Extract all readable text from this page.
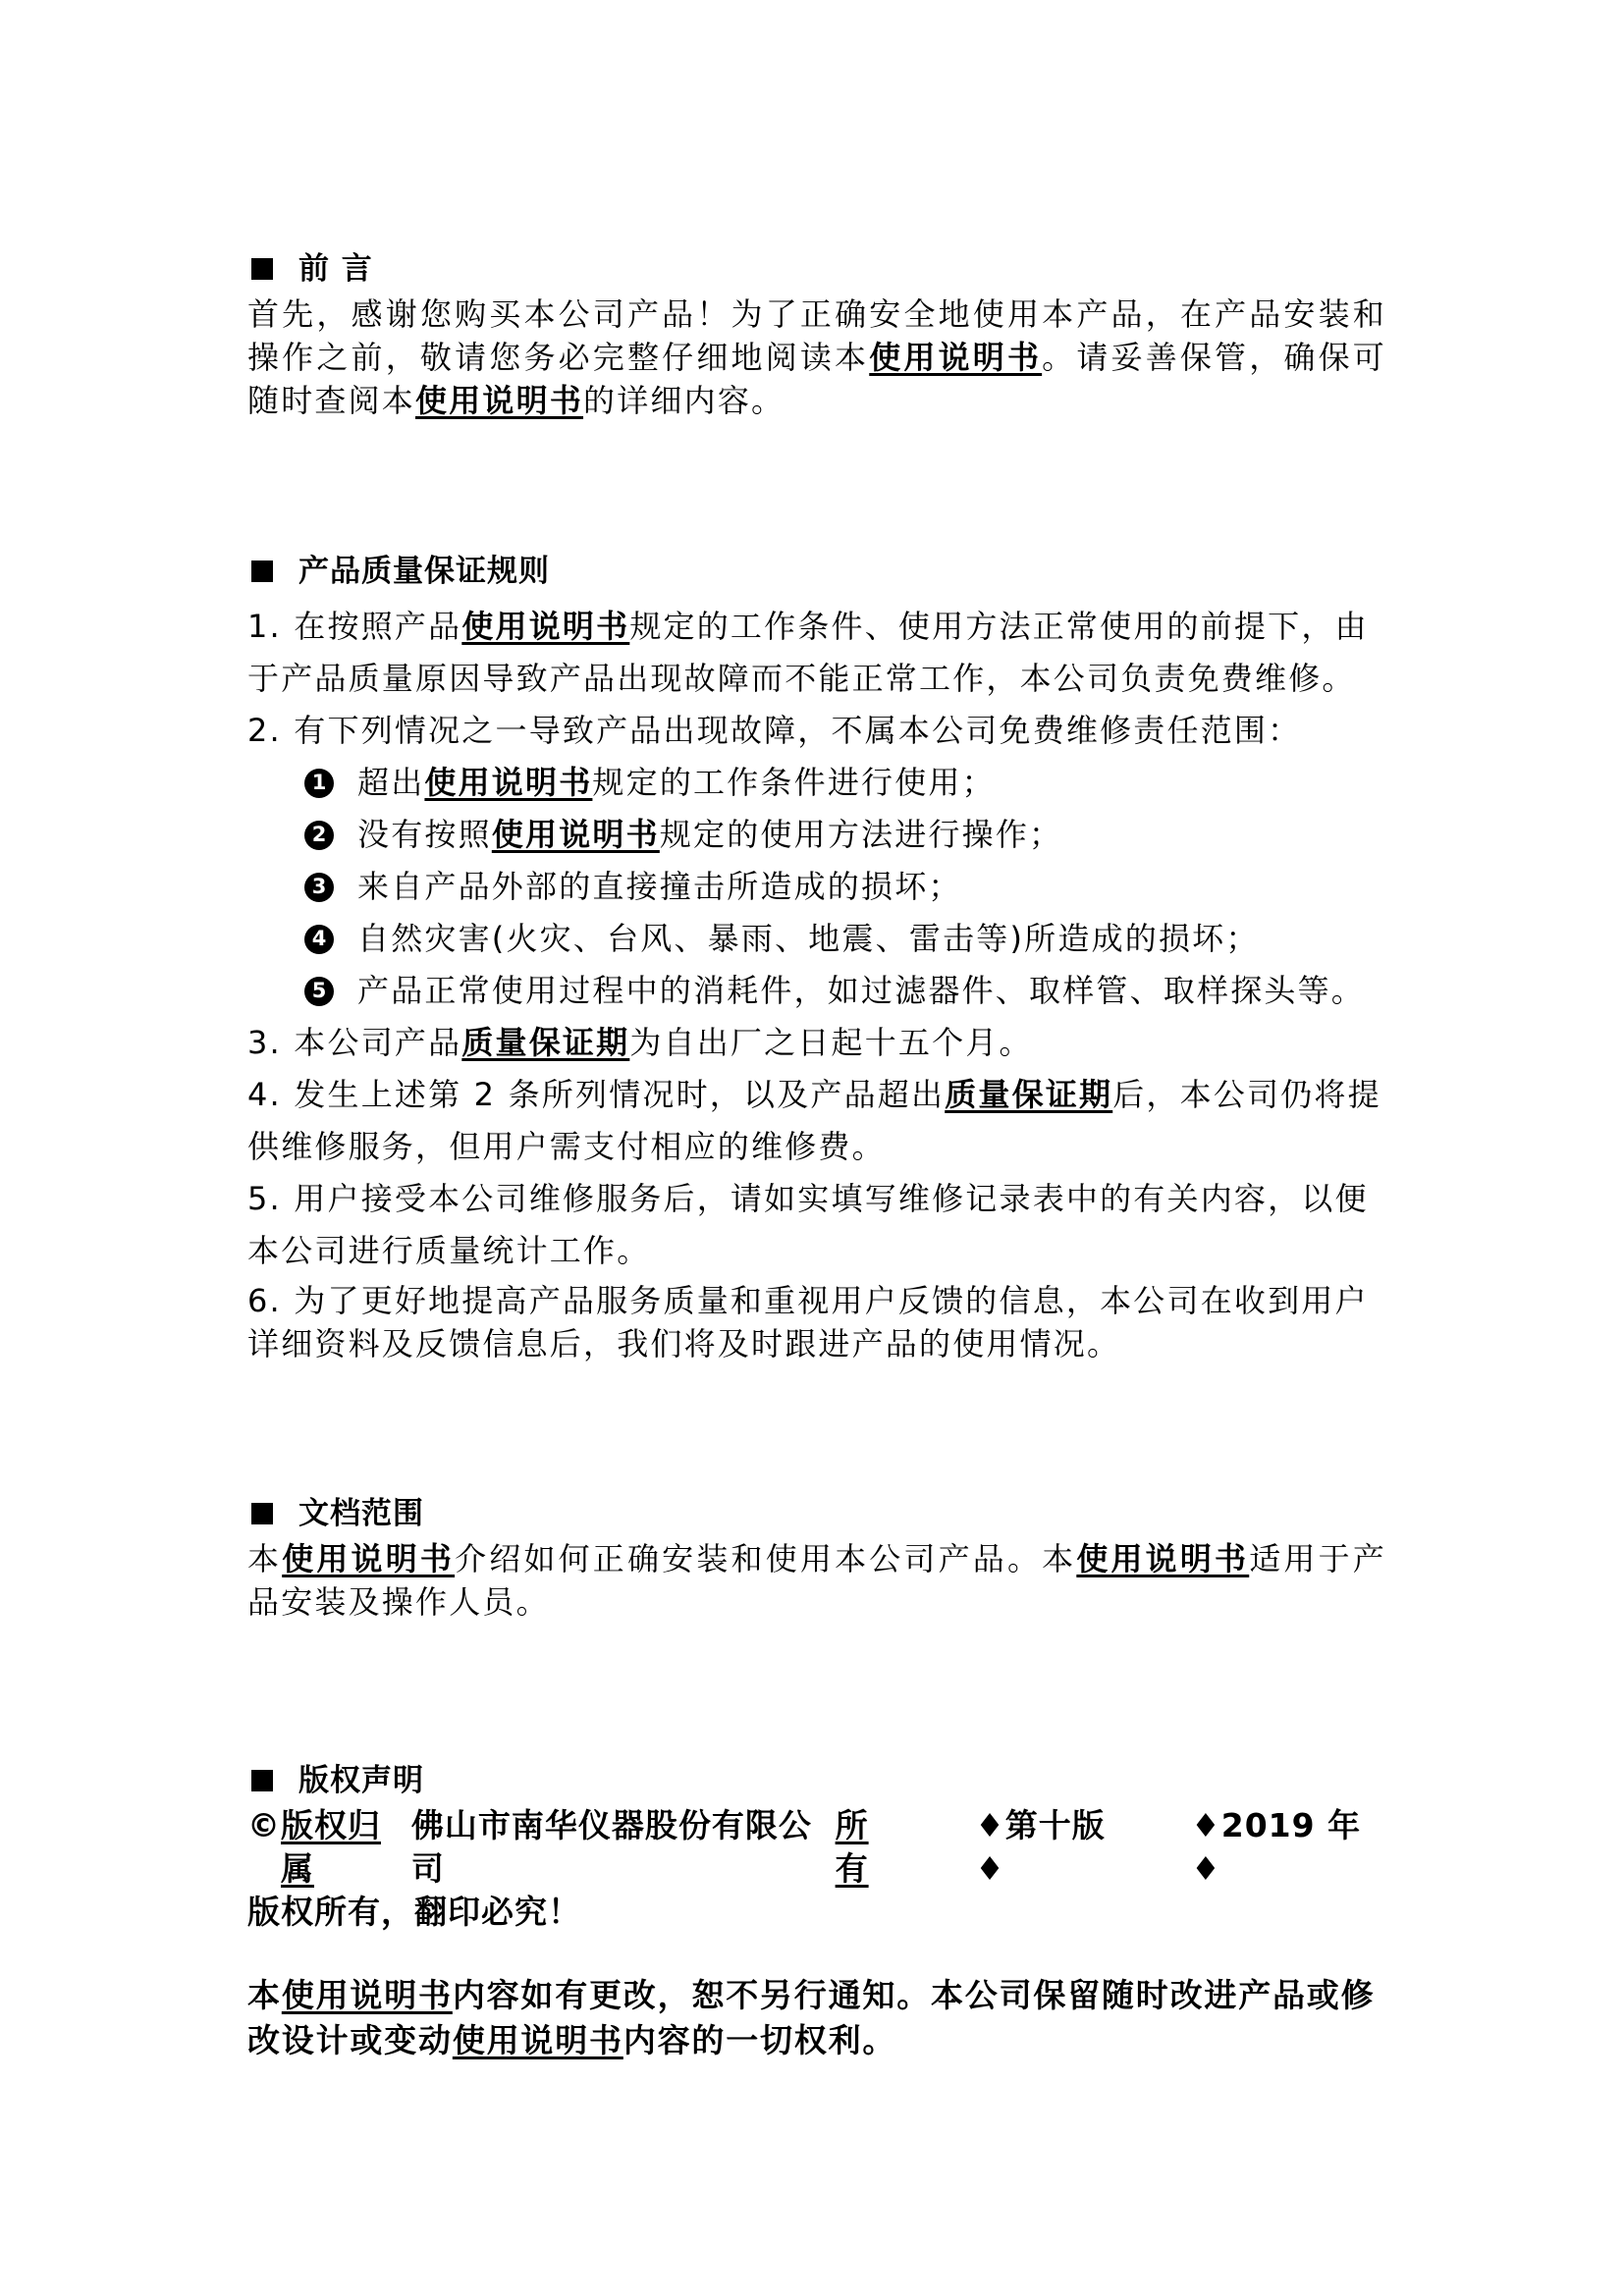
前 言
首先，感谢您购买本公司产品！为了正确安全地使用本产品，在产品安装和操作之前，敬请您务必完整仔细地阅读本使用说明书。请妥善保管，确保可随时查阅本使用说明书的详细内容。
产品质量保证规则
1. 在按照产品使用说明书规定的工作条件、使用方法正常使用的前提下，由于产品质量原因导致产品出现故障而不能正常工作，本公司负责免费维修。
2. 有下列情况之一导致产品出现故障，不属本公司免费维修责任范围：
1 超出使用说明书规定的工作条件进行使用；
2 没有按照使用说明书规定的使用方法进行操作；
3 来自产品外部的直接撞击所造成的损坏；
4 自然灾害(火灾、台风、暴雨、地震、雷击等)所造成的损坏；
5 产品正常使用过程中的消耗件，如过滤器件、取样管、取样探头等。
3. 本公司产品质量保证期为自出厂之日起十五个月。
4. 发生上述第 2 条所列情况时，以及产品超出质量保证期后，本公司仍将提供维修服务，但用户需支付相应的维修费。
5. 用户接受本公司维修服务后，请如实填写维修记录表中的有关内容，以便本公司进行质量统计工作。
6. 为了更好地提高产品服务质量和重视用户反馈的信息，本公司在收到用户详细资料及反馈信息后，我们将及时跟进产品的使用情况。
文档范围
本使用说明书介绍如何正确安装和使用本公司产品。本使用说明书适用于产品安装及操作人员。
版权声明
© 版权归属
佛山市南华仪器股份有限公司
所有
♦第十版♦
♦2019 年♦
版权所有，翻印必究！
本使用说明书内容如有更改，恕不另行通知。本公司保留随时改进产品或修改设计或变动使用说明书内容的一切权利。
